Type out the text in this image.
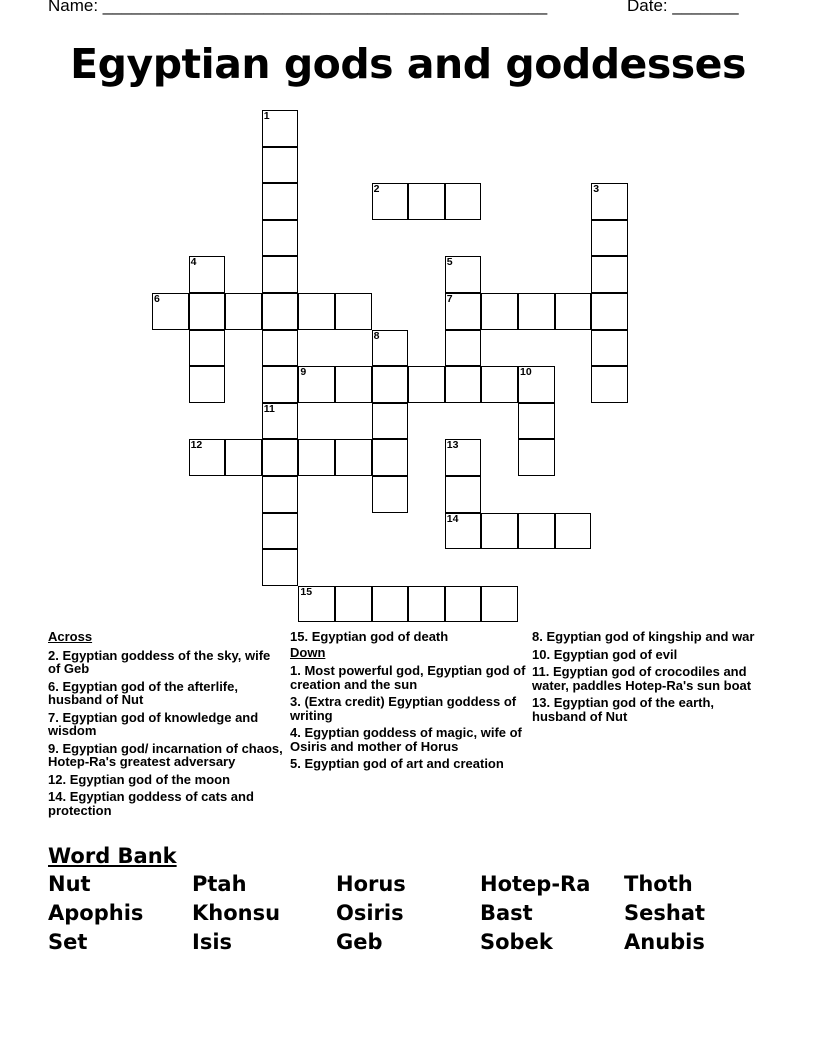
Name: _______________________________________________	Date: _______
Egyptian gods and goddesses
1
2	3
4	5
7
6
8
9	10
11
12	13
14
15
Across
2. Egyptian goddess of the sky, wife of Geb
6. Egyptian god of the afterlife, husband of Nut
7. Egyptian god of knowledge and wisdom
9. Egyptian god/ incarnation of chaos, Hotep-Ra's greatest adversary
12. Egyptian god of the moon
14. Egyptian goddess of cats and protection
15. Egyptian god of death
Down
1. Most powerful god, Egyptian god of creation and the sun
3. (Extra credit) Egyptian goddess of writing
4. Egyptian goddess of magic, wife of Osiris and mother of Horus
5. Egyptian god of art and creation
8. Egyptian god of kingship and war
10. Egyptian god of evil
11. Egyptian god of crocodiles and water, paddles Hotep-Ra's sun boat
13. Egyptian god of the earth, husband of Nut
Word Bank
Nut	Ptah	Horus	Hotep-Ra	Thoth
Apophis	Khonsu	Osiris	Bast	Seshat
Set	Isis	Geb	Sobek	Anubis
